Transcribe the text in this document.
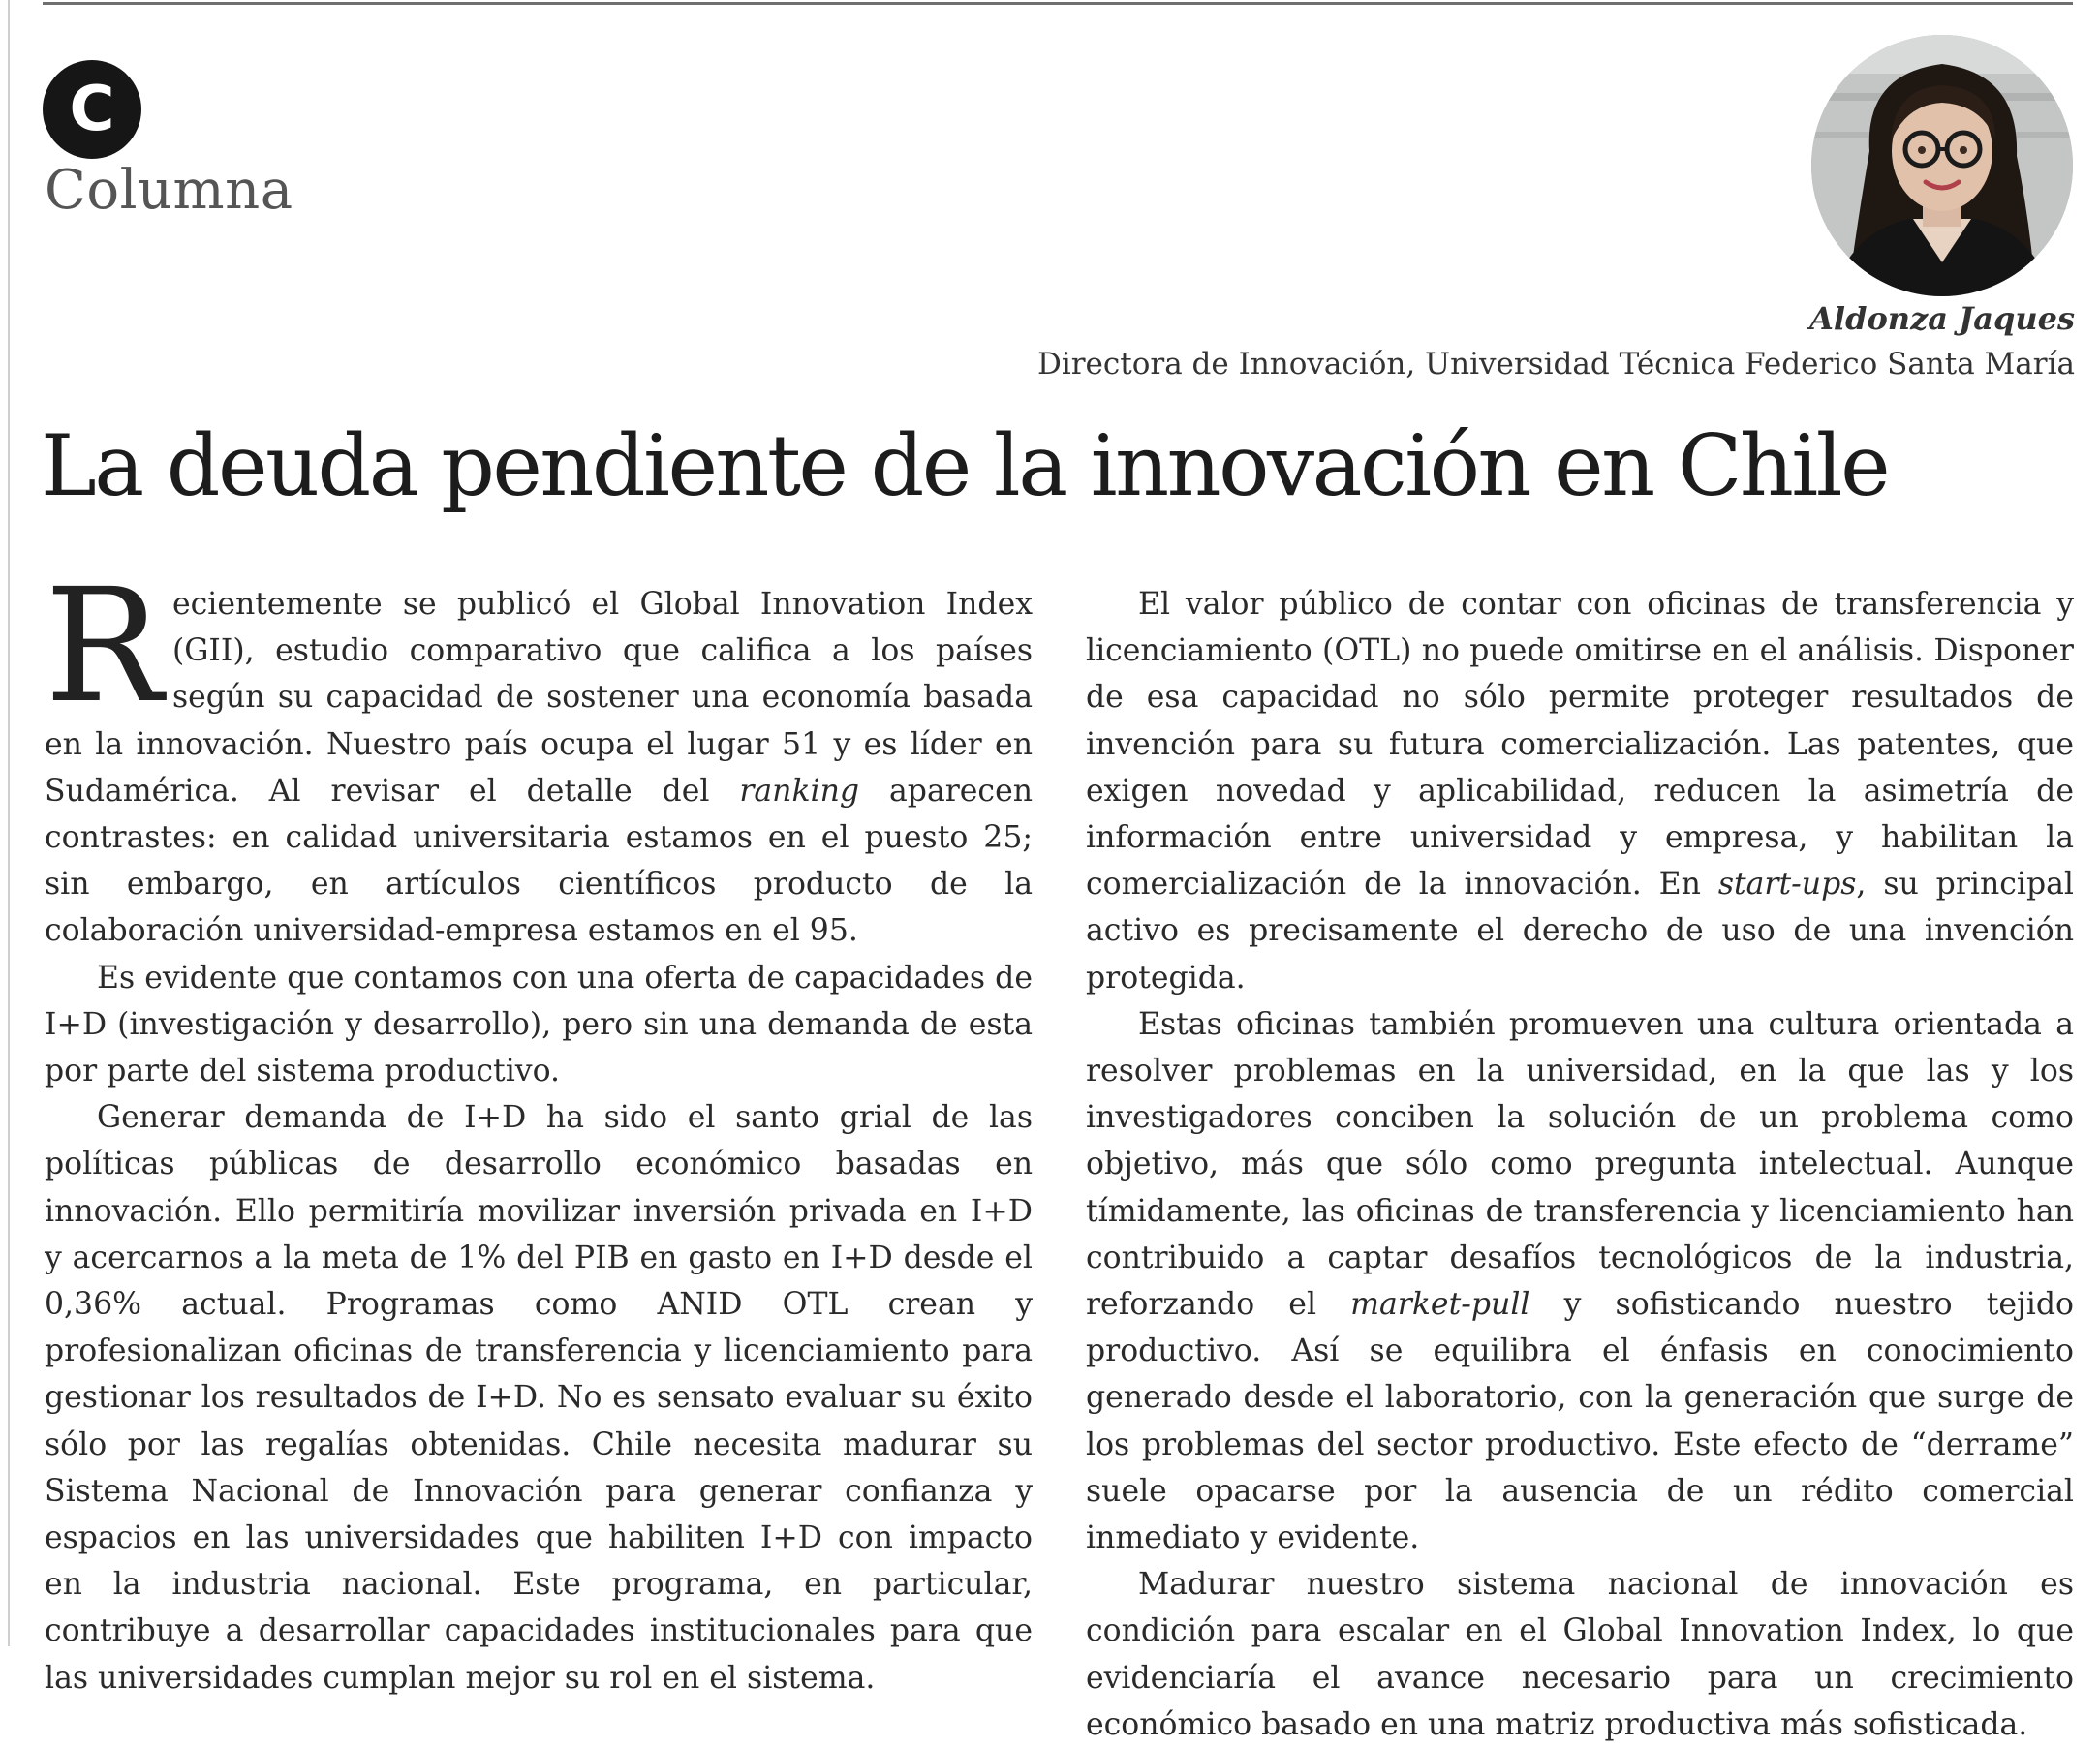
C
Columna
Aldonza Jaques
Directora de Innovación, Universidad Técnica Federico Santa María
La deuda pendiente de la innovación en Chile

Recientemente se publicó el Global Innovation Index (GII), estudio comparativo que califica a los países según su capacidad de sostener una economía basada en la innovación. Nuestro país ocupa el lugar 51 y es líder en Sudamérica. Al revisar el detalle del ranking aparecen contrastes: en calidad universitaria estamos en el puesto 25; sin embargo, en artículos científicos producto de la colaboración universidad-empresa estamos en el 95.

Es evidente que contamos con una oferta de capacidades de I+D (investigación y desarrollo), pero sin una demanda de esta por parte del sistema productivo.

Generar demanda de I+D ha sido el santo grial de las políticas públicas de desarrollo económico basadas en innovación. Ello permitiría movilizar inversión privada en I+D y acercarnos a la meta de 1% del PIB en gasto en I+D desde el 0,36% actual. Programas como ANID OTL crean y profesionalizan oficinas de transferencia y licenciamiento para gestionar los resultados de I+D. No es sensato evaluar su éxito sólo por las regalías obtenidas. Chile necesita madurar su Sistema Nacional de Innovación para generar confianza y espacios en las universidades que habiliten I+D con impacto en la industria nacional. Este programa, en particular, contribuye a desarrollar capacidades institucionales para que las universidades cumplan mejor su rol en el sistema.

El valor público de contar con oficinas de transferencia y licenciamiento (OTL) no puede omitirse en el análisis. Disponer de esa capacidad no sólo permite proteger resultados de invención para su futura comercialización. Las patentes, que exigen novedad y aplicabilidad, reducen la asimetría de información entre universidad y empresa, y habilitan la comercialización de la innovación. En start-ups, su principal activo es precisamente el derecho de uso de una invención protegida.

Estas oficinas también promueven una cultura orientada a resolver problemas en la universidad, en la que las y los investigadores conciben la solución de un problema como objetivo, más que sólo como pregunta intelectual. Aunque tímidamente, las oficinas de transferencia y licenciamiento han contribuido a captar desafíos tecnológicos de la industria, reforzando el market-pull y sofisticando nuestro tejido productivo. Así se equilibra el énfasis en conocimiento generado desde el laboratorio, con la generación que surge de los problemas del sector productivo. Este efecto de “derrame” suele opacarse por la ausencia de un rédito comercial inmediato y evidente.

Madurar nuestro sistema nacional de innovación es condición para escalar en el Global Innovation Index, lo que evidenciaría el avance necesario para un crecimiento económico basado en una matriz productiva más sofisticada.
